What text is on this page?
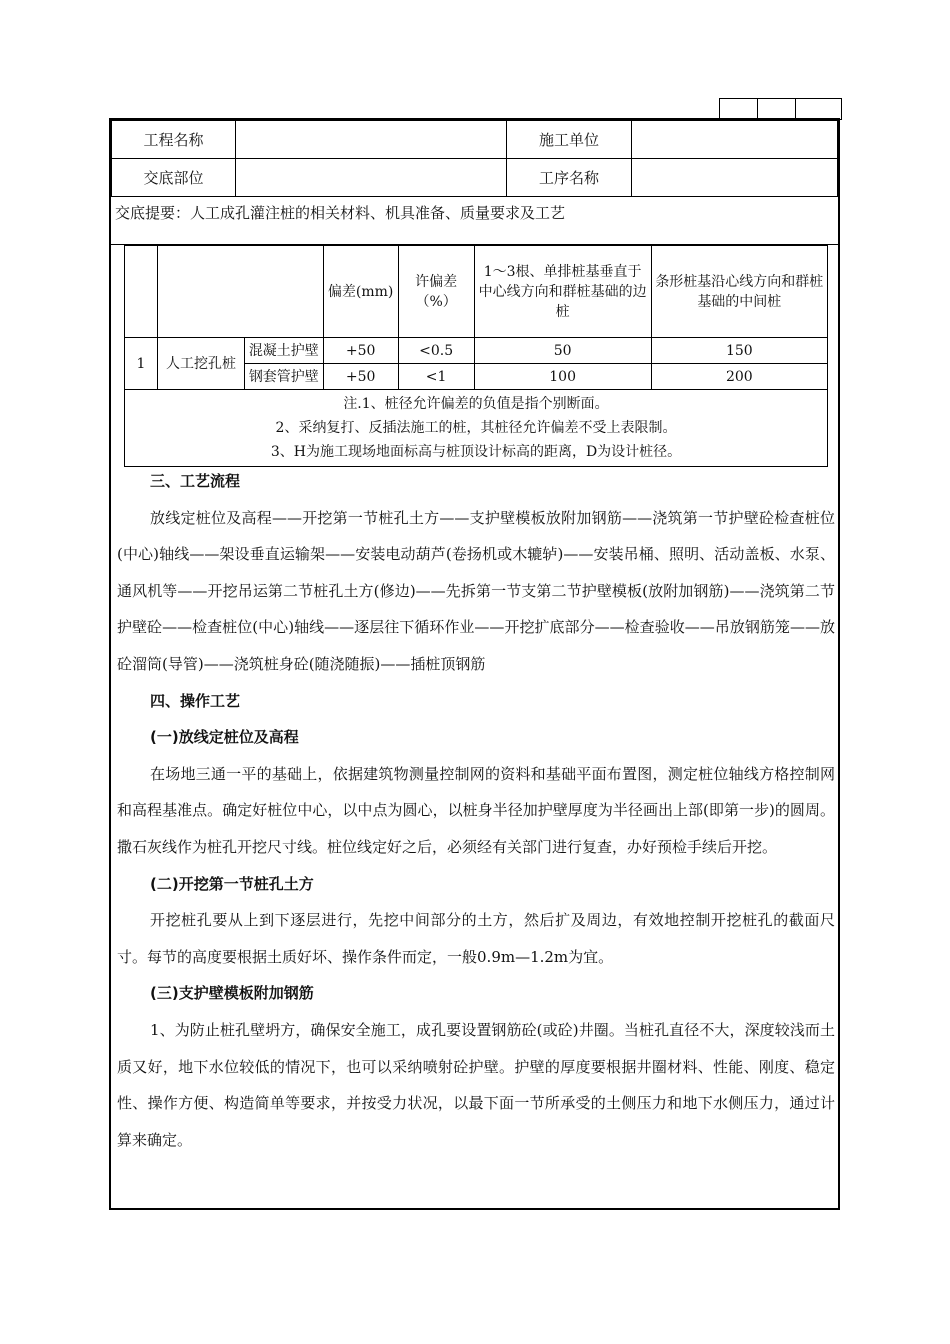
工程名称		施工单位	
交底部位		工序名称	
交底提要：人工成孔灌注桩的相关材料、机具准备、质量要求及工艺
			偏差(mm)	许偏差（%）	1～3根、单排桩基垂直于中心线方向和群桩基础的边桩	条形桩基沿心线方向和群桩基础的中间桩
1	人工挖孔桩	混凝土护壁	+50	<0.5	50	150
		钢套管护壁	+50	<1	100	200

注.1、桩径允许偏差的负值是指个别断面。
2、采纳复打、反插法施工的桩，其桩径允许偏差不受上表限制。
3、H为施工现场地面标高与桩顶设计标高的距离，D为设计桩径。						

三、工艺流程

放线定桩位及高程——开挖第一节桩孔土方——支护壁模板放附加钢筋——浇筑第一节护壁砼检查桩位(中心)轴线——架设垂直运输架——安装电动葫芦(卷扬机或木辘轳)——安装吊桶、照明、活动盖板、水泵、通风机等——开挖吊运第二节桩孔土方(修边)——先拆第一节支第二节护壁模板(放附加钢筋)——浇筑第二节护壁砼——检查桩位(中心)轴线——逐层往下循环作业——开挖扩底部分——检查验收——吊放钢筋笼——放砼溜筒(导管)——浇筑桩身砼(随浇随振)——插桩顶钢筋

四、操作工艺

(一)放线定桩位及高程

在场地三通一平的基础上，依据建筑物测量控制网的资料和基础平面布置图，测定桩位轴线方格控制网和高程基准点。确定好桩位中心，以中点为圆心，以桩身半径加护壁厚度为半径画出上部(即第一步)的圆周。撒石灰线作为桩孔开挖尺寸线。桩位线定好之后，必须经有关部门进行复查，办好预检手续后开挖。

(二)开挖第一节桩孔土方

开挖桩孔要从上到下逐层进行，先挖中间部分的土方，然后扩及周边，有效地控制开挖桩孔的截面尺寸。每节的高度要根据土质好坏、操作条件而定，一般0.9m—1.2m为宜。

(三)支护壁模板附加钢筋

1、为防止桩孔壁坍方，确保安全施工，成孔要设置钢筋砼(或砼)井圈。当桩孔直径不大，深度较浅而土质又好，地下水位较低的情况下，也可以采纳喷射砼护壁。护壁的厚度要根据井圈材料、性能、刚度、稳定性、操作方便、构造简单等要求，并按受力状况，以最下面一节所承受的土侧压力和地下水侧压力，通过计算来确定。
